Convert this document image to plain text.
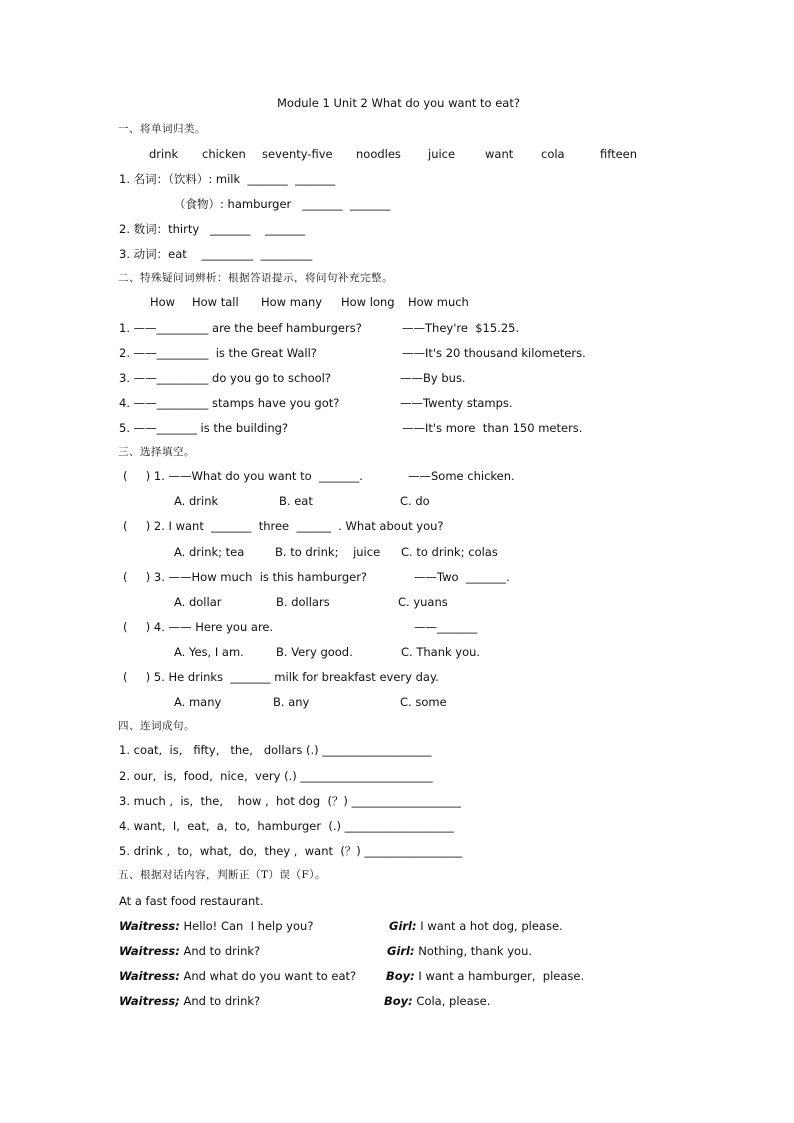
Module 1 Unit 2 What do you want to eat?
一、将单词归类。
drink chicken seventy-five noodles juice	want cola	fifteen
1. 名词：（饮料）: milk  _______  _______
（食物）: hamburger   _______  _______
2. 数词：thirty   _______    _______
3. 动词：eat    _________  _________
二、特殊疑问词辨析：根据答语提示，将问句补充完整。
How How tall How many How long How much
1. ——_________ are the beef hamburgers?	——They're  $15.25.
2. ——_________  is the Great Wall?	——It's 20 thousand kilometers.
3. ——_________ do you go to school?	——By bus.
4. ——_________ stamps have you got?	——Twenty stamps.
5. ——_______ is the building?	——It's more  than 150 meters.
三、选择填空。
(     ) 1. ——What do you want to  _______.	——Some chicken.
A. drink	B. eat	C. do
(     ) 2. I want  _______  three  ______  . What about you?
A. drink; tea	B. to drink;    juice C. to drink; colas
(     ) 3. ——How much  is this hamburger?	——Two  _______.
A. dollar	B. dollars	C. yuans
(     ) 4. —— Here you are.	——_______
A. Yes, I am.	B. Very good.	C. Thank you.
(     ) 5. He drinks  _______ milk for breakfast every day.
A. many	B. any	C. some
四、连词成句。
1. coat,  is,   fifty,   the,   dollars (.) ___________________
2. our,  is,  food,  nice,  very (.) _______________________
3. much ,  is,  the,    how ,  hot dog  (？) ___________________
4. want,  I,  eat,  a,  to,  hamburger  (.) ___________________
5. drink ,  to,  what,  do,  they ,  want  (？) _________________
五、根据对话内容，判断正（T）误（F）。
At a fast food restaurant.
Waitress: Hello! Can  I help you?	Girl: I want a hot dog, please.
Waitress: And to drink?	Girl: Nothing, thank you.
Waitress: And what do you want to eat?	Boy: I want a hamburger,  please.
Waitress; And to drink?	Boy: Cola, please.
